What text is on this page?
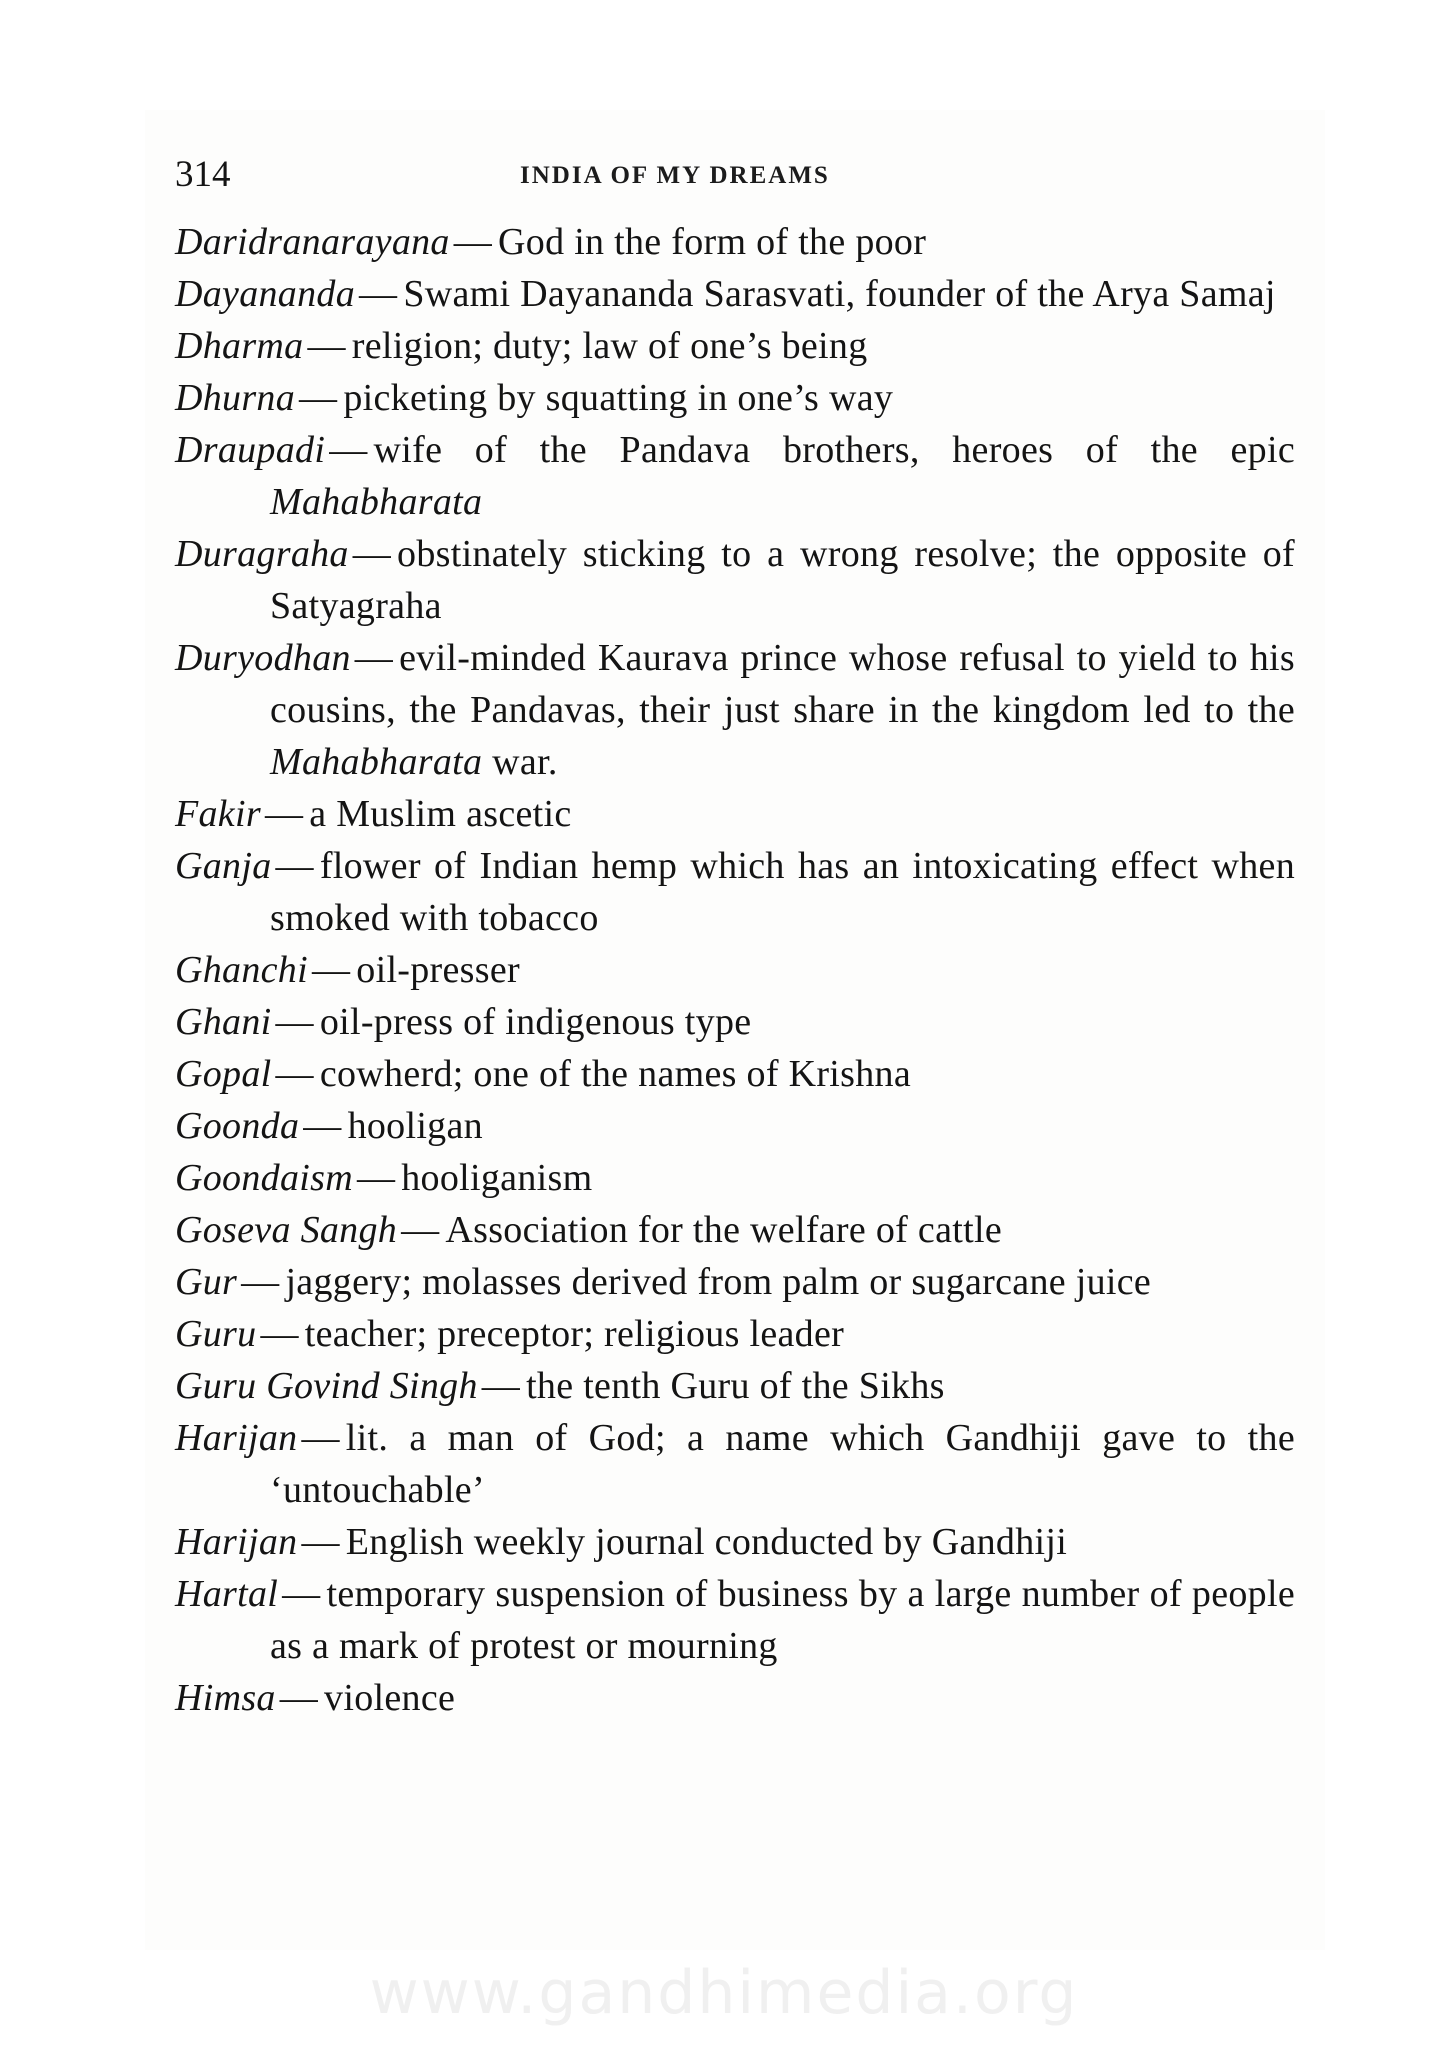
314	INDIA OF MY DREAMS
Daridranarayana — God in the form of the poor
Dayananda — Swami Dayananda Sarasvati, founder of the Arya Samaj
Dharma — religion; duty; law of one’s being
Dhurna — picketing by squatting in one’s way
Draupadi — wife of the Pandava brothers, heroes of the epic Mahabharata
Duragraha — obstinately sticking to a wrong resolve; the opposite of Satyagraha
Duryodhan — evil-minded Kaurava prince whose refusal to yield to his cousins, the Pandavas, their just share in the kingdom led to the Mahabharata war.
Fakir — a Muslim ascetic
Ganja — flower of Indian hemp which has an intoxicating effect when smoked with tobacco
Ghanchi — oil-presser
Ghani — oil-press of indigenous type
Gopal — cowherd; one of the names of Krishna
Goonda — hooligan
Goondaism — hooliganism
Goseva Sangh — Association for the welfare of cattle
Gur — jaggery; molasses derived from palm or sugarcane juice
Guru — teacher; preceptor; religious leader
Guru Govind Singh — the tenth Guru of the Sikhs
Harijan — lit. a man of God; a name which Gandhiji gave to the ‘untouchable’
Harijan — English weekly journal conducted by Gandhiji
Hartal — temporary suspension of business by a large number of people as a mark of protest or mourning
Himsa — violence
www.gandhimedia.org
